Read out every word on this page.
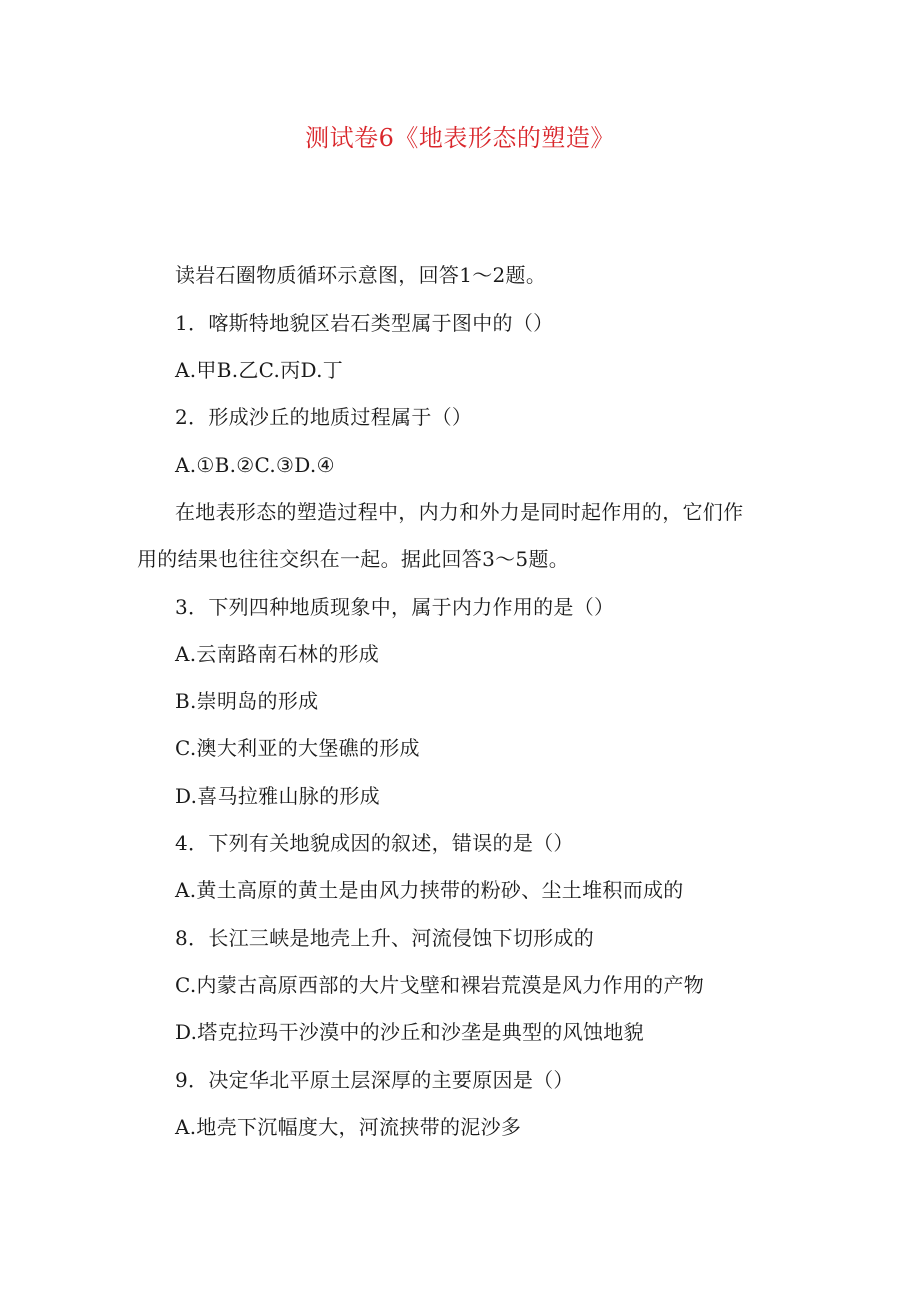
测试卷6《地表形态的塑造》
读岩石圈物质循环示意图，回答1～2题。
1．喀斯特地貌区岩石类型属于图中的（）
A.甲B.乙C.丙D.丁
2．形成沙丘的地质过程属于（）
A.①B.②C.③D.④
在地表形态的塑造过程中，内力和外力是同时起作用的，它们作
用的结果也往往交织在一起。据此回答3～5题。
3．下列四种地质现象中，属于内力作用的是（）
A.云南路南石林的形成
B.崇明岛的形成
C.澳大利亚的大堡礁的形成
D.喜马拉雅山脉的形成
4．下列有关地貌成因的叙述，错误的是（）
A.黄土高原的黄土是由风力挟带的粉砂、尘土堆积而成的
8．长江三峡是地壳上升、河流侵蚀下切形成的
C.内蒙古高原西部的大片戈壁和裸岩荒漠是风力作用的产物
D.塔克拉玛干沙漠中的沙丘和沙垄是典型的风蚀地貌
9．决定华北平原土层深厚的主要原因是（）
A.地壳下沉幅度大，河流挟带的泥沙多
